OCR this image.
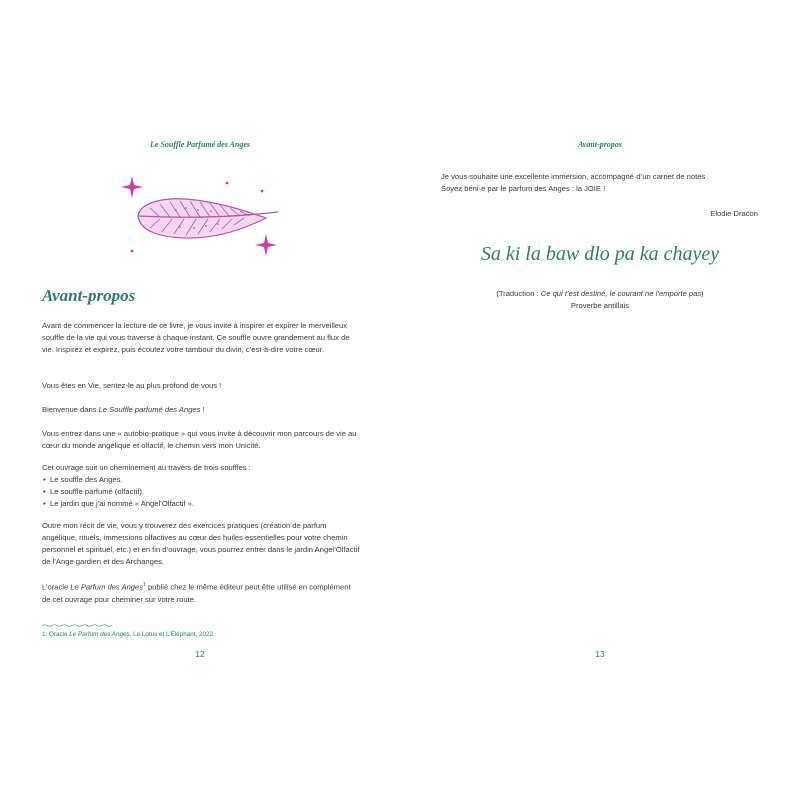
Le Souffle Parfumé des Anges
Avant-propos

Avant de commencer la lecture de ce livre, je vous invite à inspirer et expirer le merveilleux souffle de la vie qui vous traverse à chaque instant. Ce souffle ouvre grandement au flux de vie. Inspirez et expirez, puis écoutez votre tambour du divin, c’est-à-dire votre cœur.

Vous êtes en Vie, sentez-le au plus profond de vous !

Bienvenue dans Le Souffle parfumé des Anges !

Vous entrez dans une « autobio-pratique » qui vous invite à découvrir mon parcours de vie au cœur du monde angélique et olfactif, le chemin vers mon Unicité.

Cet ouvrage suit un cheminement au travers de trois souffles :

• Le souffle des Anges.
• Le souffle parfumé (olfactif).
• Le jardin que j’ai nommé « Angel’Olfactif ».

Outre mon récit de vie, vous y trouverez des exercices pratiques (création de parfum angélique, rituels, immersions olfactives au cœur des huiles essentielles pour votre chemin personnel et spirituel, etc.) et en fin d’ouvrage, vous pourrez entrer dans le jardin Angel’Olfactif de l’Ange gardien et des Archanges.

L’oracle Le Parfum des Anges$^1$ publié chez le même éditeur peut être utilisé en complément de cet ouvrage pour cheminer sur votre route.

1. Oracle Le Parfum des Anges, Le Lotus et L’Éléphant, 2022.
12
Avant-propos
Je vous souhaite une excellente immersion, accompagné·d’un carnet de notes
Soyez béni·e par le parfum des Anges : la JOIE !
Elodie Dracon
Sa ki la baw dlo pa ka chayey
(Traduction : Ce qui t’est destiné, le courant ne l’emporte pas)
Proverbe antillais
13
